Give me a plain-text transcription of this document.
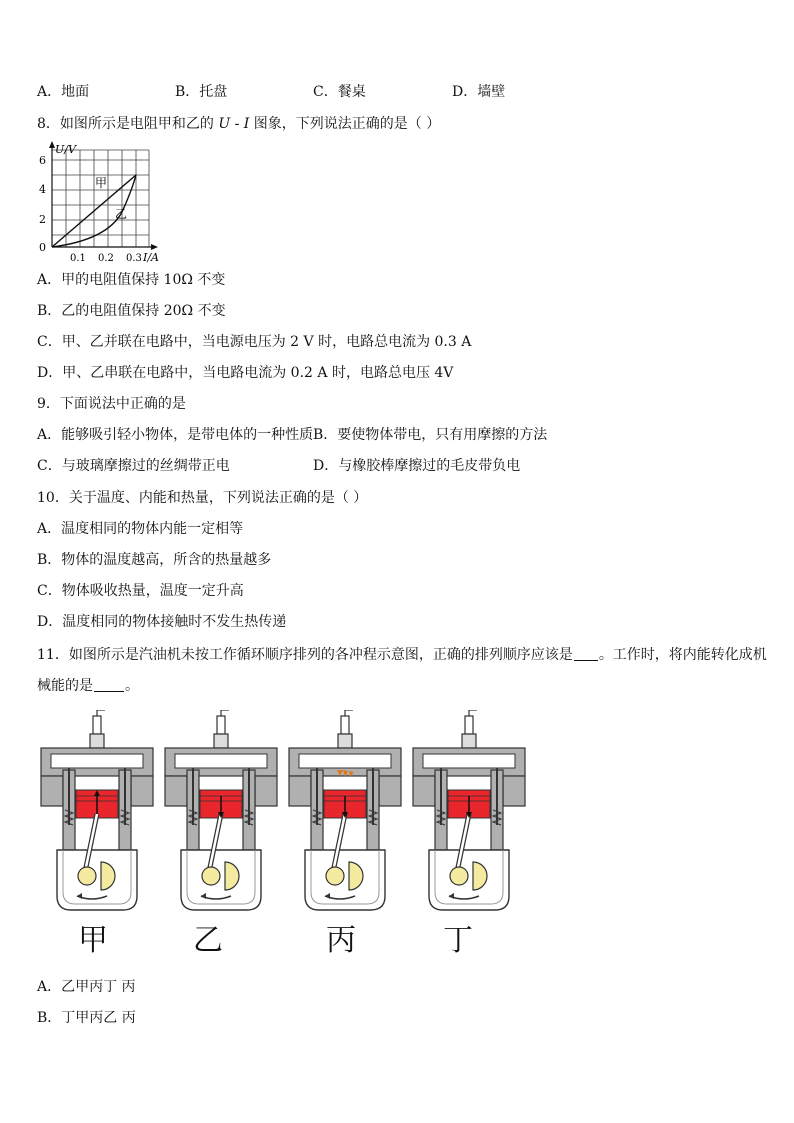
A．地面	B．托盘	C．餐桌	D．墙壁
8．如图所示是电阻甲和乙的 U - I 图象，下列说法正确的是（ ）
U/V
6
4
2
0
0.1 0.2 0.3 I/A
甲
乙
A．甲的电阻值保持 10Ω 不变
B．乙的电阻值保持 20Ω 不变
C．甲、乙并联在电路中，当电源电压为 2 V 时，电路总电流为 0.3 A
D．甲、乙串联在电路中，当电路电流为 0.2 A 时，电路总电压 4V
9．下面说法中正确的是
A．能够吸引轻小物体，是带电体的一种性质 B．要使物体带电，只有用摩擦的方法
C．与玻璃摩擦过的丝绸带正电	D．与橡胶棒摩擦过的毛皮带负电
10．关于温度、内能和热量，下列说法正确的是（ ）
A．温度相同的物体内能一定相等
B．物体的温度越高，所含的热量越多
C．物体吸收热量，温度一定升高
D．温度相同的物体接触时不发生热传递
11．如图所示是汽油机未按工作循环顺序排列的各冲程示意图，正确的排列顺序应该是 。工作时，将内能转化成机
械能的是 。
甲	乙	丙	丁
A．乙甲丙丁 丙
B．丁甲丙乙 丙
